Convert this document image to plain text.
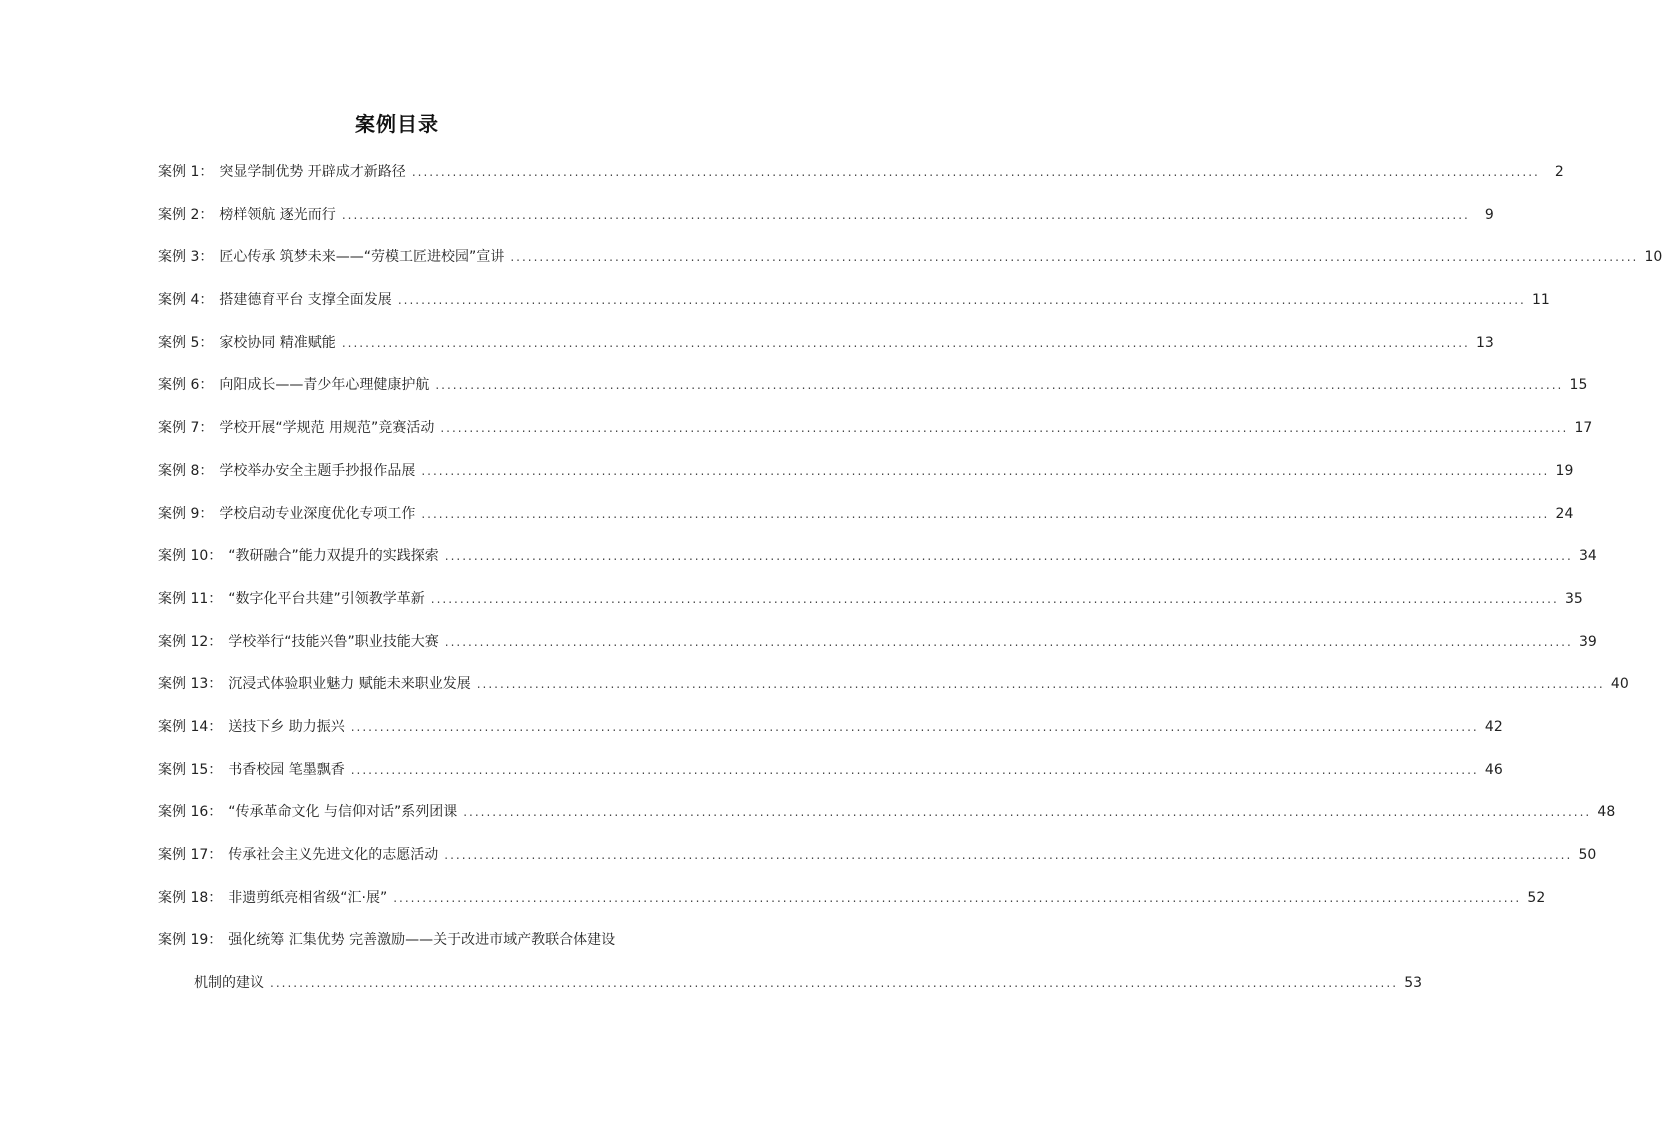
案例目录
案例 1： 突显学制优势 开辟成才新路径 .....	2
案例 2： 榜样领航 逐光而行 .....	9
案例 3： 匠心传承 筑梦未来——“劳模工匠进校园”宣讲 .....	10
案例 4： 搭建德育平台 支撑全面发展 .....	11
案例 5： 家校协同 精准赋能 .....	13
案例 6： 向阳成长——青少年心理健康护航 .....	15
案例 7： 学校开展“学规范 用规范”竞赛活动 .....	17
案例 8： 学校举办安全主题手抄报作品展 .....	19
案例 9： 学校启动专业深度优化专项工作 .....	24
案例 10： “教研融合”能力双提升的实践探索 .....	34
案例 11： “数字化平台共建”引领教学革新 .....	35
案例 12： 学校举行“技能兴鲁”职业技能大赛 .....	39
案例 13： 沉浸式体验职业魅力 赋能未来职业发展 .....	40
案例 14： 送技下乡 助力振兴 .....	42
案例 15： 书香校园 笔墨飘香 .....	46
案例 16： “传承革命文化 与信仰对话”系列团课 .....	48
案例 17： 传承社会主义先进文化的志愿活动 .....	50
案例 18： 非遗剪纸亮相省级“汇·展” .....	52
案例 19： 强化统筹 汇集优势 完善激励——关于改进市域产教联合体建设
机制的建议 .....	53
